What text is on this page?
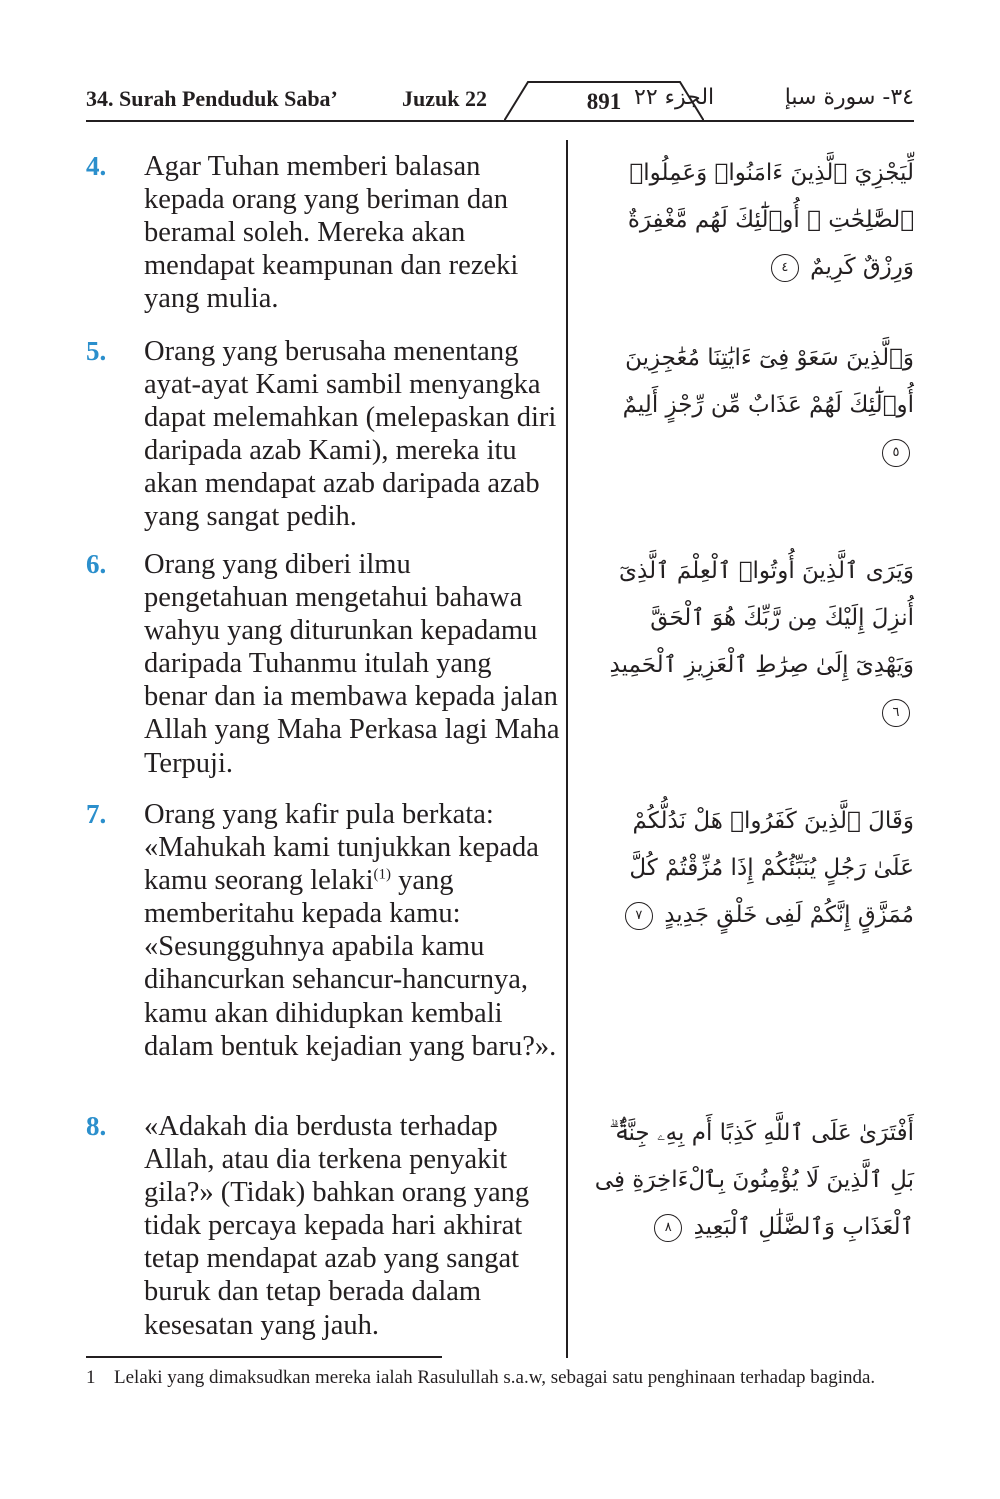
34. Surah Penduduk Saba’	Juzuk 22	891 الجزء ٢٢	٣٤- سورة سبإ
4. Agar Tuhan memberi balasan kepada orang yang beriman dan beramal soleh. Mereka akan mendapat keampunan dan rezeki yang mulia.
لِّيَجْزِيَ ٱلَّذِينَ ءَامَنُوا۟ وَعَمِلُوا۟ ٱلصَّٰلِحَٰتِ ۚ أُو۟لَٰٓئِكَ لَهُم مَّغْفِرَةٌ وَرِزْقٌ كَرِيمٌ ٤
5. Orang yang berusaha menentang ayat-ayat Kami sambil menyangka dapat melemahkan (melepaskan diri daripada azab Kami), mereka itu akan mendapat azab daripada azab yang sangat pedih.
وَٱلَّذِينَ سَعَوْ فِىٓ ءَايَٰتِنَا مُعَٰجِزِينَ أُو۟لَٰٓئِكَ لَهُمْ عَذَابٌ مِّن رِّجْزٍ أَلِيمٌ ٥
6. Orang yang diberi ilmu pengetahuan mengetahui bahawa wahyu yang diturunkan kepadamu daripada Tuhanmu itulah yang benar dan ia membawa kepada jalan Allah yang Maha Perkasa lagi Maha Terpuji.
وَيَرَى ٱلَّذِينَ أُوتُوا۟ ٱلْعِلْمَ ٱلَّذِىٓ أُنزِلَ إِلَيْكَ مِن رَّبِّكَ هُوَ ٱلْحَقَّ وَيَهْدِىٓ إِلَىٰ صِرَٰطِ ٱلْعَزِيزِ ٱلْحَمِيدِ ٦
7. Orang yang kafir pula berkata: «Mahukah kami tunjukkan kepada kamu seorang lelaki$^{(1)}$ yang memberitahu kepada kamu: «Sesungguhnya apabila kamu dihancurkan sehancur-hancurnya, kamu akan dihidupkan kembali dalam bentuk kejadian yang baru?».
وَقَالَ ٱلَّذِينَ كَفَرُوا۟ هَلْ نَدُلُّكُمْ عَلَىٰ رَجُلٍ يُنَبِّئُكُمْ إِذَا مُزِّقْتُمْ كُلَّ مُمَزَّقٍ إِنَّكُمْ لَفِى خَلْقٍ جَدِيدٍ ٧
8. «Adakah dia berdusta terhadap Allah, atau dia terkena penyakit gila?» (Tidak) bahkan orang yang tidak percaya kepada hari akhirat tetap mendapat azab yang sangat buruk dan tetap berada dalam kesesatan yang jauh.
أَفْتَرَىٰ عَلَى ٱللَّهِ كَذِبًا أَم بِهِۦ جِنَّةٌۢ ۗ بَلِ ٱلَّذِينَ لَا يُؤْمِنُونَ بِٱلْءَاخِرَةِ فِى ٱلْعَذَابِ وَٱلضَّلَٰلِ ٱلْبَعِيدِ ٨
1 Lelaki yang dimaksudkan mereka ialah Rasulullah s.a.w, sebagai satu penghinaan terhadap baginda.
